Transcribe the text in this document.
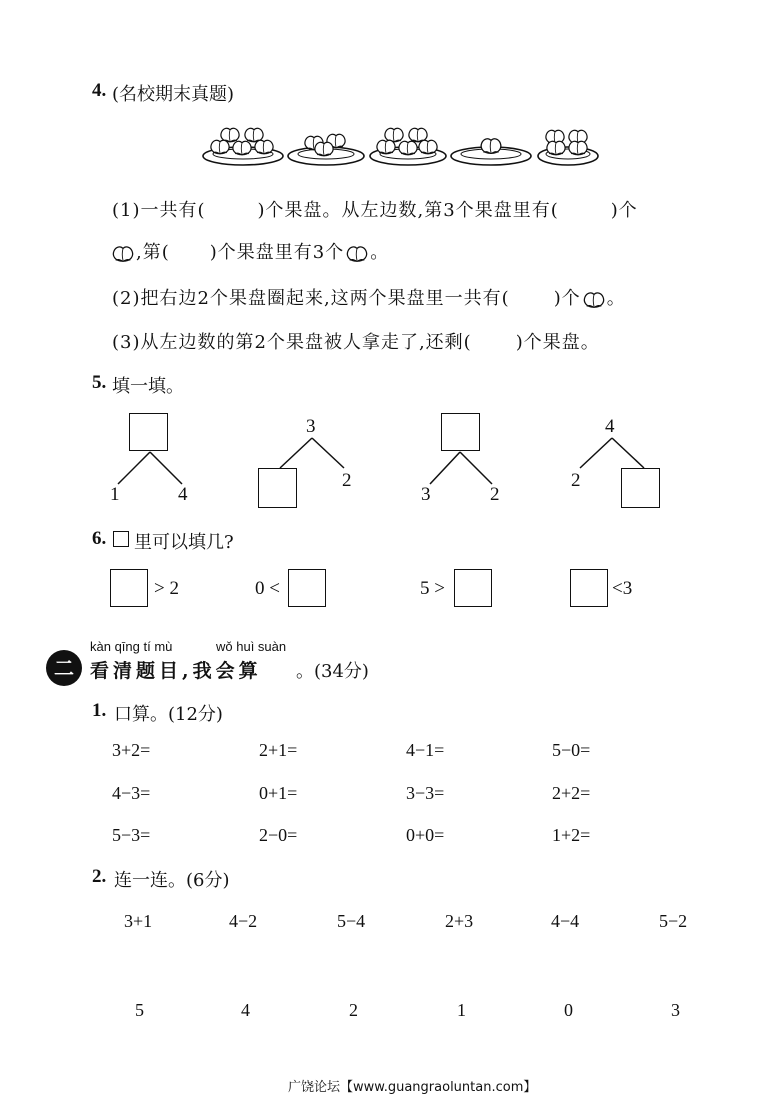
4. (名校期末真题)
(1)一共有(	)个果盘。从左边数,第3个果盘里有(	)个
,第( )个果盘里有3个 。
(2)把右边2个果盘圈起来,这两个果盘里一共有( )个 。
(3)从左边数的第2个果盘被人拿走了,还剩( )个果盘。
5. 填一填。
1	4
3
2
3	2
4
2
6. 里可以填几?
> 2	0 <	5 >	<3
二
kàn qīng tí mù	wǒ huì suàn
看清题目,我会算 。(34分)
1. 口算。(12分)
3+2=	2+1=	4−1=	5−0=
4−3=	0+1=	3−3=	2+2=
5−3=	2−0=	0+0=	1+2=
2. 连一连。(6分)
3+1	4−2	5−4	2+3	4−4	5−2
5	4	2	1	0	3
广饶论坛【www.guangraoluntan.com】
